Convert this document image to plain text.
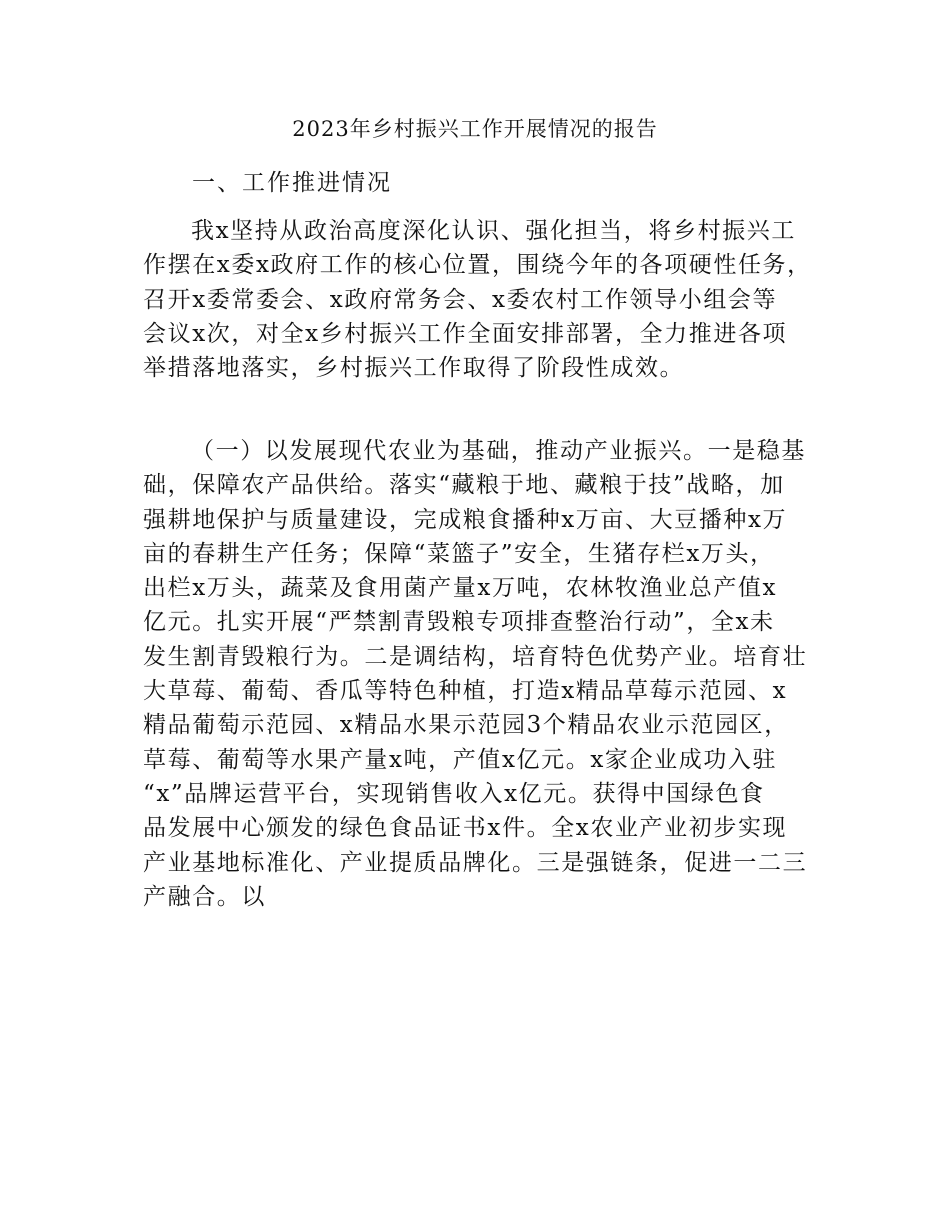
2023年乡村振兴工作开展情况的报告
一、工作推进情况
我x坚持从政治高度深化认识、强化担当，将乡村振兴工
作摆在x委x政府工作的核心位置，围绕今年的各项硬性任务，
召开x委常委会、x政府常务会、x委农村工作领导小组会等
会议x次，对全x乡村振兴工作全面安排部署，全力推进各项
举措落地落实，乡村振兴工作取得了阶段性成效。
（一）以发展现代农业为基础，推动产业振兴。一是稳基
础，保障农产品供给。落实“藏粮于地、藏粮于技”战略，加
强耕地保护与质量建设，完成粮食播种x万亩、大豆播种x万
亩的春耕生产任务；保障“菜篮子”安全，生猪存栏x万头，
出栏x万头，蔬菜及食用菌产量x万吨，农林牧渔业总产值x
亿元。扎实开展“严禁割青毁粮专项排查整治行动”，全x未
发生割青毁粮行为。二是调结构，培育特色优势产业。培育壮
大草莓、葡萄、香瓜等特色种植，打造x精品草莓示范园、x
精品葡萄示范园、x精品水果示范园3个精品农业示范园区，
草莓、葡萄等水果产量x吨，产值x亿元。x家企业成功入驻
“x”品牌运营平台，实现销售收入x亿元。获得中国绿色食
品发展中心颁发的绿色食品证书x件。全x农业产业初步实现
产业基地标准化、产业提质品牌化。三是强链条，促进一二三
产融合。以
